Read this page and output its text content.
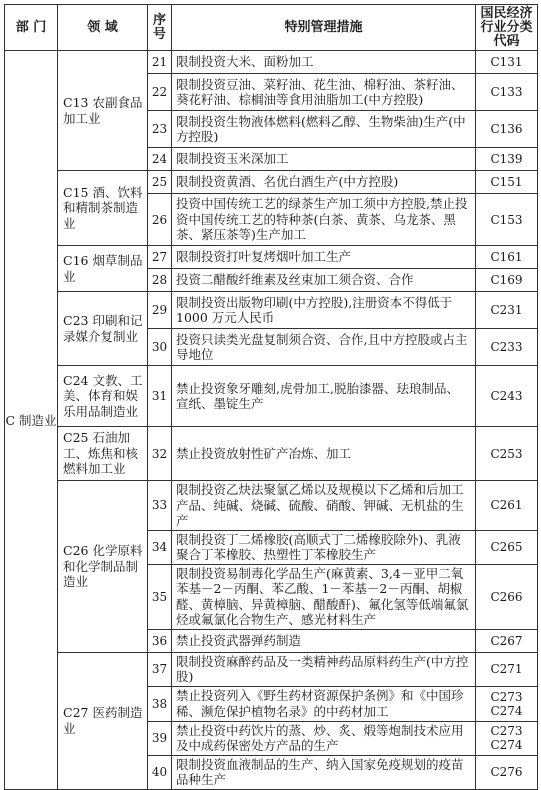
部 门	领 域	序号	特别管理措施	国民经济
行业分类
代码

C 制造业	C13 农副食品加工业	21	限制投资大米、面粉加工	C131

		22	限制投资豆油、菜籽油、花生油、棉籽油、茶籽油、葵花籽油、棕榈油等食用油脂加工(中方控股)	C133

		23	限制投资生物液体燃料(燃料乙醇、生物柴油)生产(中方控股)	C136

		24	限制投资玉米深加工	C139

	C15 酒、饮料和精制茶制造业	25	限制投资黄酒、名优白酒生产(中方控股)	C151

		26	投资中国传统工艺的绿茶生产加工须中方控股,禁止投资中国传统工艺的特种茶(白茶、黄茶、乌龙茶、黑茶、紧压茶等)生产加工	C153

	C16 烟草制品业	27	限制投资打叶复烤烟叶加工生产	C161

		28	投资二醋酸纤维素及丝束加工须合资、合作	C169

	C23 印刷和记录媒介复制业	29	限制投资出版物印刷(中方控股),注册资本不得低于 1000 万元人民币	C231

		30	投资只读类光盘复制须合资、合作,且中方控股或占主导地位	C233

	C24 文教、工美、体育和娱乐用品制造业	31	禁止投资象牙雕刻,虎骨加工,脱胎漆器、珐琅制品、宣纸、墨锭生产	C243

	C25 石油加工、炼焦和核燃料加工业	32	禁止投资放射性矿产冶炼、加工	C253

	C26 化学原料和化学制品制造业	33	限制投资乙炔法聚氯乙烯以及规模以下乙烯和后加工产品、纯碱、烧碱、硫酸、硝酸、钾碱、无机盐的生产	C261

		34	限制投资丁二烯橡胶(高顺式丁二烯橡胶除外)、乳液聚合丁苯橡胶、热塑性丁苯橡胶生产	C265

		35	限制投资易制毒化学品生产(麻黄素、3,4－亚甲二氧苯基－2－丙酮、苯乙酸、1－苯基－2－丙酮、胡椒醛、黄樟脑、异黄樟脑、醋酸酐)、氟化氢等低端氟氯烃或氟氯化合物生产、感光材料生产	C266

		36	禁止投资武器弹药制造	C267

	C27 医药制造业	37	限制投资麻醉药品及一类精神药品原料药生产(中方控股)	C271

		38	禁止投资列入《野生药材资源保护条例》和《中国珍稀、濒危保护植物名录》的中药材加工	C273
C274

		39	禁止投资中药饮片的蒸、炒、炙、煅等炮制技术应用及中成药保密处方产品的生产	C273
C274

		40	限制投资血液制品的生产、纳入国家免疫规划的疫苗品种生产	C276
